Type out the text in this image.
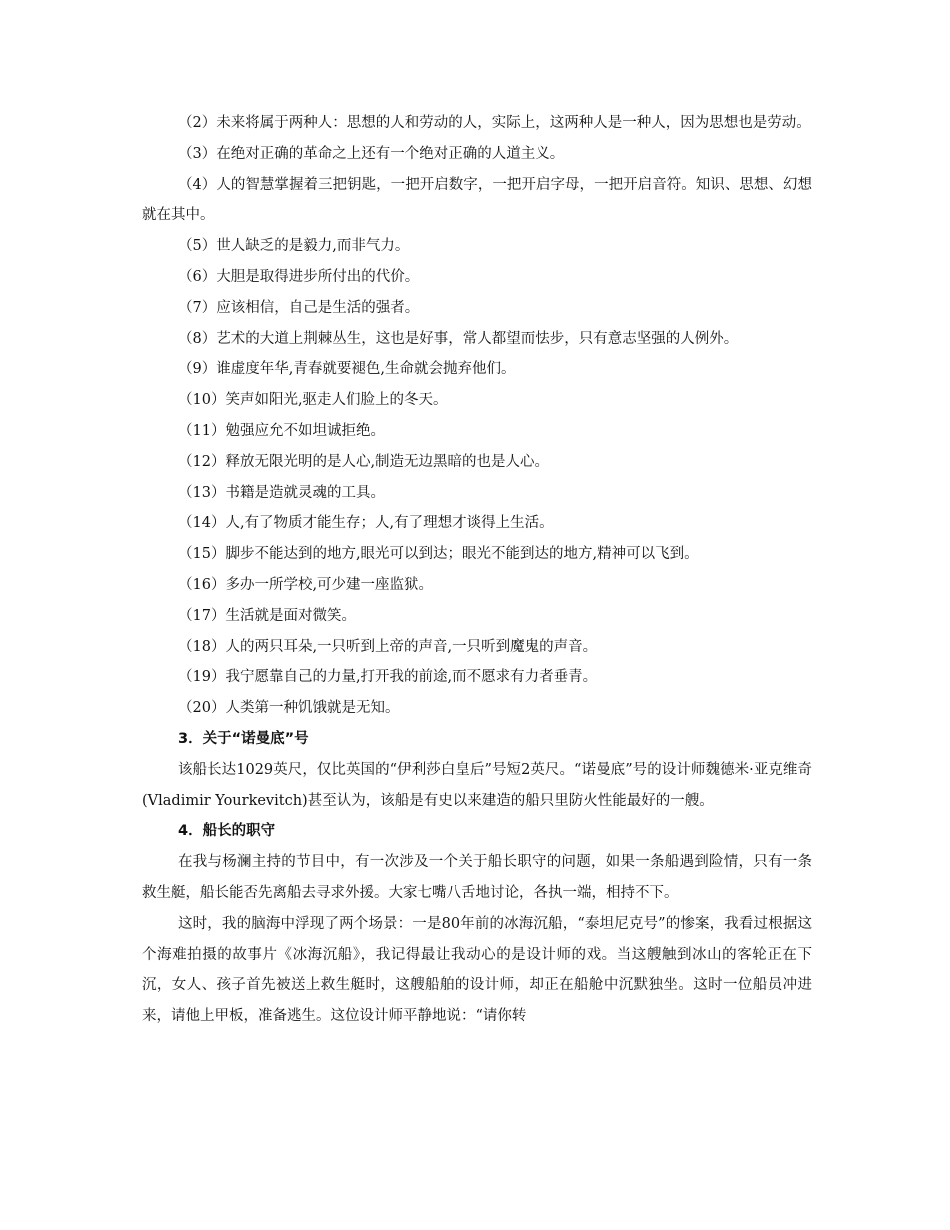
（2）未来将属于两种人：思想的人和劳动的人，实际上，这两种人是一种人，因为思想也是劳动。

（3）在绝对正确的革命之上还有一个绝对正确的人道主义。

（4）人的智慧掌握着三把钥匙，一把开启数字，一把开启字母，一把开启音符。知识、思想、幻想就在其中。

（5）世人缺乏的是毅力,而非气力。

（6）大胆是取得进步所付出的代价。

（7）应该相信，自己是生活的强者。

（8）艺术的大道上荆棘丛生，这也是好事，常人都望而怯步，只有意志坚强的人例外。

（9）谁虚度年华,青春就要褪色,生命就会抛弃他们。

（10）笑声如阳光,驱走人们脸上的冬天。

（11）勉强应允不如坦诚拒绝。

（12）释放无限光明的是人心,制造无边黑暗的也是人心。

（13）书籍是造就灵魂的工具。

（14）人,有了物质才能生存；人,有了理想才谈得上生活。

（15）脚步不能达到的地方,眼光可以到达；眼光不能到达的地方,精神可以飞到。

（16）多办一所学校,可少建一座监狱。

（17）生活就是面对微笑。

（18）人的两只耳朵,一只听到上帝的声音,一只听到魔鬼的声音。

（19）我宁愿靠自己的力量,打开我的前途,而不愿求有力者垂青。

（20）人类第一种饥饿就是无知。

3．关于“诺曼底”号

该船长达1029英尺，仅比英国的“伊利莎白皇后”号短2英尺。“诺曼底”号的设计师魏德米·亚克维奇(Vladimir Yourkevitch)甚至认为，该船是有史以来建造的船只里防火性能最好的一艘。

4．船长的职守

在我与杨澜主持的节目中，有一次涉及一个关于船长职守的问题，如果一条船遇到险情，只有一条救生艇，船长能否先离船去寻求外援。大家七嘴八舌地讨论，各执一端，相持不下。

这时，我的脑海中浮现了两个场景：一是80年前的冰海沉船，“泰坦尼克号”的惨案，我看过根据这个海难拍摄的故事片《冰海沉船》，我记得最让我动心的是设计师的戏。当这艘触到冰山的客轮正在下沉，女人、孩子首先被送上救生艇时，这艘船舶的设计师，却正在船舱中沉默独坐。这时一位船员冲进来，请他上甲板，准备逃生。这位设计师平静地说：“请你转
